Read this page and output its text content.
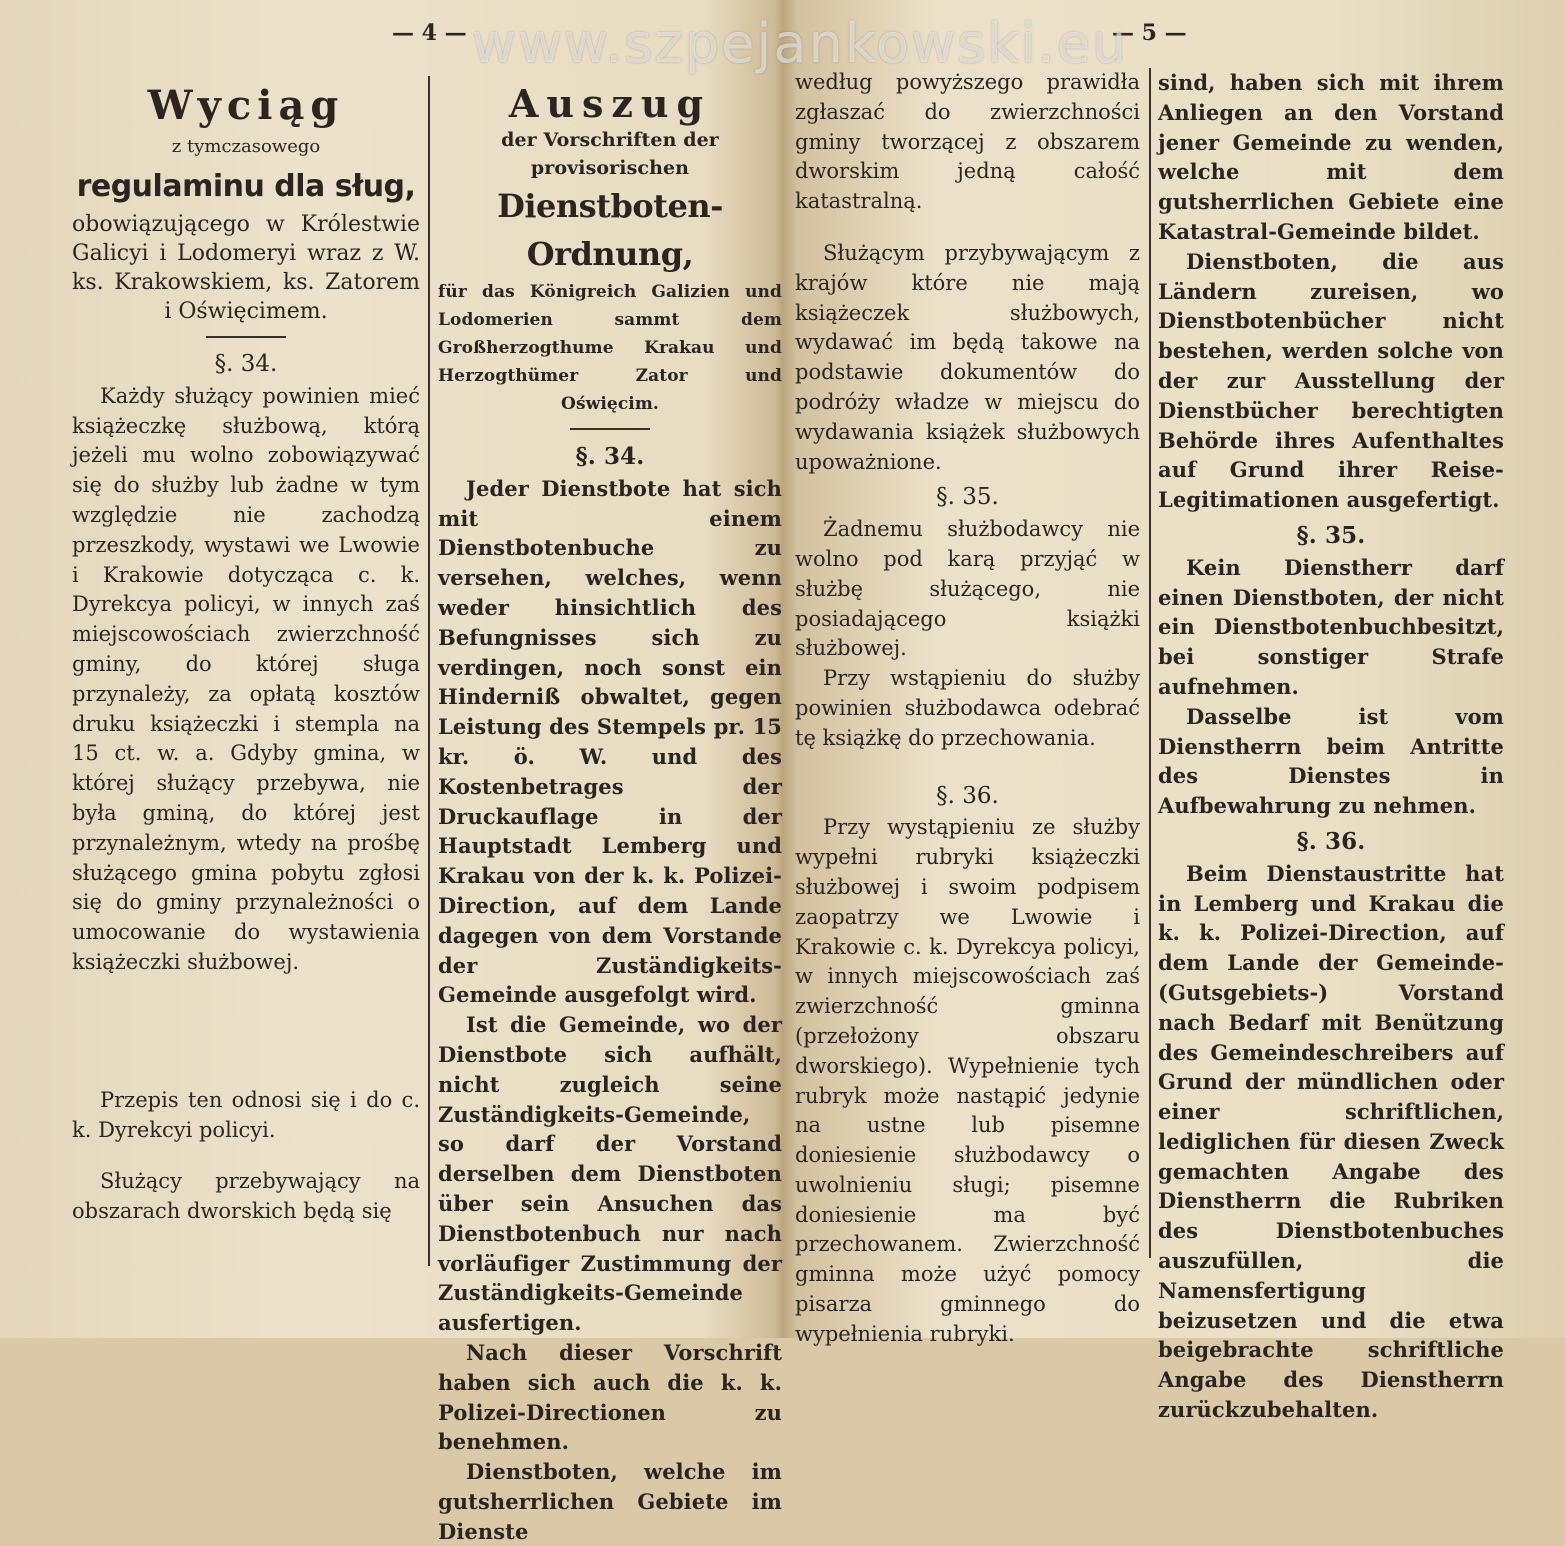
— 4 —	— 5 —
www.szpejankowski.eu

Wyciąg

z tymczasowego

regulaminu dla sług,

obowiązującego w Królestwie Galicyi i Lodomeryi wraz z W. ks. Krakowskiem, ks. Zatorem i Oświęcimem.

§. 34.

Każdy służący powinien mieć książeczkę służbową, którą jeżeli mu wolno zobowiązywać się do służby lub żadne w tym względzie nie zachodzą przeszkody, wystawi we Lwowie i Krakowie dotycząca c. k. Dyrekcya policyi, w innych zaś miejscowościach zwierzchność gminy, do której sługa przynależy, za opłatą kosztów druku książeczki i stempla na 15 ct. w. a. Gdyby gmina, w której służący przebywa, nie była gminą, do której jest przynależnym, wtedy na prośbę służącego gmina pobytu zgłosi się do gminy przynależności o umocowanie do wystawienia książeczki służbowej.

Przepis ten odnosi się i do c. k. Dyrekcyi policyi.

Służący przebywający na obszarach dworskich będą się

Auszug

der Vorschriften der provisorischen

Dienstboten-Ordnung,

für das Königreich Galizien und Lodomerien sammt dem Großherzogthume Krakau und Herzogthümer Zator und Oświęcim.

§. 34.

Jeder Dienstbote hat sich mit einem Dienstbotenbuche zu versehen, welches, wenn weder hinsichtlich des Befungnisses sich zu verdingen, noch sonst ein Hinderniß obwaltet, gegen Leistung des Stempels pr. 15 kr. ö. W. und des Kostenbetrages der Druckauflage in der Hauptstadt Lemberg und Krakau von der k. k. Polizei-Direction, auf dem Lande dagegen von dem Vorstande der Zuständigkeits-Gemeinde ausgefolgt wird.

Ist die Gemeinde, wo der Dienstbote sich aufhält, nicht zugleich seine Zuständigkeits-Gemeinde, so darf der Vorstand derselben dem Dienstboten über sein Ansuchen das Dienstbotenbuch nur nach vorläufiger Zustimmung der Zuständigkeits-Gemeinde ausfertigen.

Nach dieser Vorschrift haben sich auch die k. k. Polizei-Directionen zu benehmen.

Dienstboten, welche im gutsherrlichen Gebiete im Dienste

według powyższego prawidła zgłaszać do zwierzchności gminy tworzącej z obszarem dworskim jedną całość katastralną.

Służącym przybywającym z krajów które nie mają książeczek służbowych, wydawać im będą takowe na podstawie dokumentów do podróży władze w miejscu do wydawania książek służbowych upoważnione.

§. 35.

Żadnemu służbodawcy nie wolno pod karą przyjąć w służbę służącego, nie posiadającego książki służbowej.

Przy wstąpieniu do służby powinien służbodawca odebrać tę książkę do przechowania.

§. 36.

Przy wystąpieniu ze służby wypełni rubryki książeczki służbowej i swoim podpisem zaopatrzy we Lwowie i Krakowie c. k. Dyrekcya policyi, w innych miejscowościach zaś zwierzchność gminna (przełożony obszaru dworskiego). Wypełnienie tych rubryk może nastąpić jedynie na ustne lub pisemne doniesienie służbodawcy o uwolnieniu sługi; pisemne doniesienie ma być przechowanem. Zwierzchność gminna może użyć pomocy pisarza gminnego do wypełnienia rubryki.

sind, haben sich mit ihrem Anliegen an den Vorstand jener Gemeinde zu wenden, welche mit dem gutsherrlichen Gebiete eine Katastral-Gemeinde bildet.

Dienstboten, die aus Ländern zureisen, wo Dienstbotenbücher nicht bestehen, werden solche von der zur Ausstellung der Dienstbücher berechtigten Behörde ihres Aufenthaltes auf Grund ihrer Reise-Legitimationen ausgefertigt.

§. 35.

Kein Dienstherr darf einen Dienstboten, der nicht ein Dienstbotenbuchbesitzt, bei sonstiger Strafe aufnehmen.

Dasselbe ist vom Dienstherrn beim Antritte des Dienstes in Aufbewahrung zu nehmen.

§. 36.

Beim Dienstaustritte hat in Lemberg und Krakau die k. k. Polizei-Direction, auf dem Lande der Gemeinde- (Gutsgebiets-) Vorstand nach Bedarf mit Benützung des Gemeindeschreibers auf Grund der mündlichen oder einer schriftlichen, lediglichen für diesen Zweck gemachten Angabe des Dienstherrn die Rubriken des Dienstbotenbuches auszufüllen, die Namensfertigung beizusetzen und die etwa beigebrachte schriftliche Angabe des Dienstherrn zurückzubehalten.
